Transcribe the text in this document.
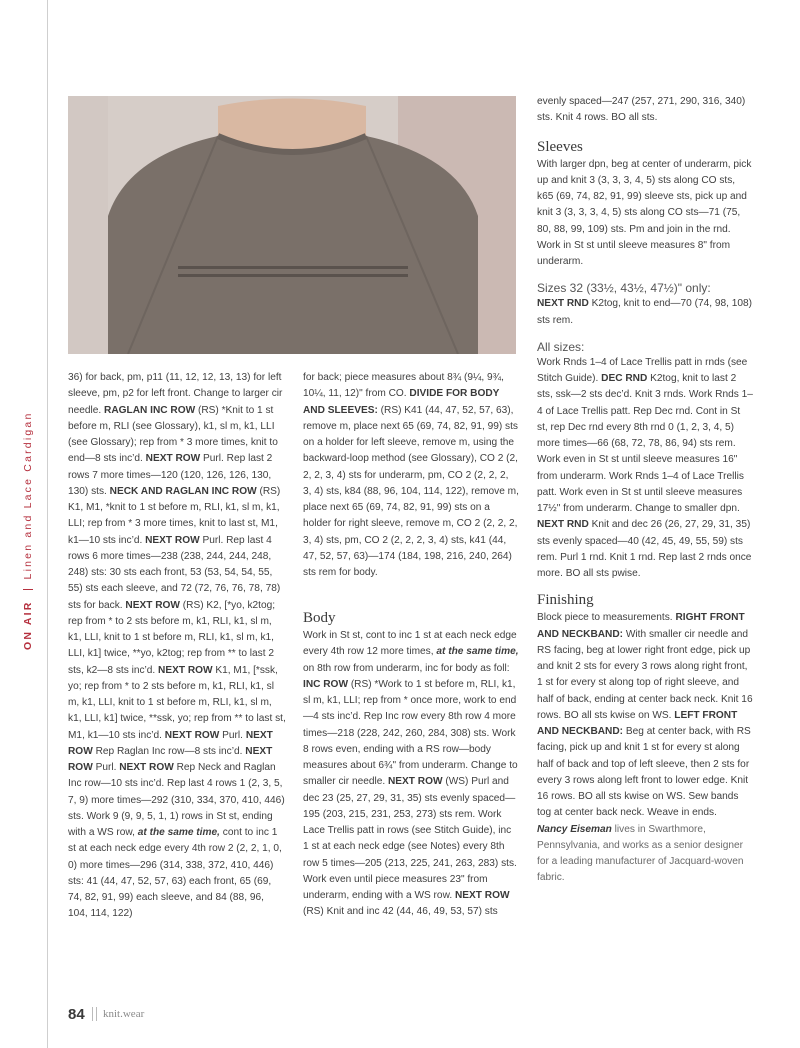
ON AIRLinen and Lace Cardigan

36) for back, pm, p11 (11, 12, 12, 13, 13) for left sleeve, pm, p2 for left front. Change to larger cir needle. RAGLAN INC ROW (RS) *Knit to 1 st before m, RLI (see Glossary), k1, sl m, k1, LLI (see Glossary); rep from * 3 more times, knit to end—8 sts inc’d. NEXT ROW Purl. Rep last 2 rows 7 more times—120 (120, 126, 126, 130, 130) sts. NECK AND RAGLAN INC ROW (RS) K1, M1, *knit to 1 st before m, RLI, k1, sl m, k1, LLI; rep from * 3 more times, knit to last st, M1, k1—10 sts inc’d. NEXT ROW Purl. Rep last 4 rows 6 more times—238 (238, 244, 244, 248, 248) sts: 30 sts each front, 53 (53, 54, 54, 55, 55) sts each sleeve, and 72 (72, 76, 76, 78, 78) sts for back. NEXT ROW (RS) K2, [*yo, k2tog; rep from * to 2 sts before m, k1, RLI, k1, sl m, k1, LLI, knit to 1 st before m, RLI, k1, sl m, k1, LLI, k1] twice, **yo, k2tog; rep from ** to last 2 sts, k2—8 sts inc’d. NEXT ROW K1, M1, [*ssk, yo; rep from * to 2 sts before m, k1, RLI, k1, sl m, k1, LLI, knit to 1 st before m, RLI, k1, sl m, k1, LLI, k1] twice, **ssk, yo; rep from ** to last st, M1, k1—10 sts inc’d. NEXT ROW Purl. NEXT ROW Rep Raglan Inc row—8 sts inc’d. NEXT ROW Purl. NEXT ROW Rep Neck and Raglan Inc row—10 sts inc’d. Rep last 4 rows 1 (2, 3, 5, 7, 9) more times—292 (310, 334, 370, 410, 446) sts. Work 9 (9, 9, 5, 1, 1) rows in St st, ending with a WS row, at the same time, cont to inc 1 st at each neck edge every 4th row 2 (2, 2, 1, 0, 0) more times—296 (314, 338, 372, 410, 446) sts: 41 (44, 47, 52, 57, 63) each front, 65 (69, 74, 82, 91, 99) each sleeve, and 84 (88, 96, 104, 114, 122)

for back; piece measures about 8¾ (9¼, 9¾, 10¼, 11, 12)" from CO. DIVIDE FOR BODY AND SLEEVES: (RS) K41 (44, 47, 52, 57, 63), remove m, place next 65 (69, 74, 82, 91, 99) sts on a holder for left sleeve, remove m, using the backward-loop method (see Glossary), CO 2 (2, 2, 2, 3, 4) sts for underarm, pm, CO 2 (2, 2, 2, 3, 4) sts, k84 (88, 96, 104, 114, 122), remove m, place next 65 (69, 74, 82, 91, 99) sts on a holder for right sleeve, remove m, CO 2 (2, 2, 2, 3, 4) sts, pm, CO 2 (2, 2, 2, 3, 4) sts, k41 (44, 47, 52, 57, 63)—174 (184, 198, 216, 240, 264) sts rem for body.

Body

Work in St st, cont to inc 1 st at each neck edge every 4th row 12 more times, at the same time, on 8th row from underarm, inc for body as foll: INC ROW (RS) *Work to 1 st before m, RLI, k1, sl m, k1, LLI; rep from * once more, work to end—4 sts inc’d. Rep Inc row every 8th row 4 more times—218 (228, 242, 260, 284, 308) sts. Work 8 rows even, ending with a RS row—body measures about 6¾" from underarm. Change to smaller cir needle. NEXT ROW (WS) Purl and dec 23 (25, 27, 29, 31, 35) sts evenly spaced—195 (203, 215, 231, 253, 273) sts rem. Work Lace Trellis patt in rows (see Stitch Guide), inc 1 st at each neck edge (see Notes) every 8th row 5 times—205 (213, 225, 241, 263, 283) sts. Work even until piece measures 23" from underarm, ending with a WS row. NEXT ROW (RS) Knit and inc 42 (44, 46, 49, 53, 57) sts

evenly spaced—247 (257, 271, 290, 316, 340) sts. Knit 4 rows. BO all sts.

Sleeves

With larger dpn, beg at center of underarm, pick up and knit 3 (3, 3, 3, 4, 5) sts along CO sts, k65 (69, 74, 82, 91, 99) sleeve sts, pick up and knit 3 (3, 3, 3, 4, 5) sts along CO sts—71 (75, 80, 88, 99, 109) sts. Pm and join in the rnd. Work in St st until sleeve measures 8" from underarm.

Sizes 32 (33½, 43½, 47½)" only:

NEXT RND K2tog, knit to end—70 (74, 98, 108) sts rem.

All sizes:

Work Rnds 1–4 of Lace Trellis patt in rnds (see Stitch Guide). DEC RND K2tog, knit to last 2 sts, ssk—2 sts dec’d. Knit 3 rnds. Work Rnds 1–4 of Lace Trellis patt. Rep Dec rnd. Cont in St st, rep Dec rnd every 8th rnd 0 (1, 2, 3, 4, 5) more times—66 (68, 72, 78, 86, 94) sts rem. Work even in St st until sleeve measures 16" from underarm. Work Rnds 1–4 of Lace Trellis patt. Work even in St st until sleeve measures 17½" from underarm. Change to smaller dpn. NEXT RND Knit and dec 26 (26, 27, 29, 31, 35) sts evenly spaced—40 (42, 45, 49, 55, 59) sts rem. Purl 1 rnd. Knit 1 rnd. Rep last 2 rnds once more. BO all sts pwise.

Finishing

Block piece to measurements. RIGHT FRONT AND NECKBAND: With smaller cir needle and RS facing, beg at lower right front edge, pick up and knit 2 sts for every 3 rows along right front, 1 st for every st along top of right sleeve, and half of back, ending at center back neck. Knit 16 rows. BO all sts kwise on WS. LEFT FRONT AND NECKBAND: Beg at center back, with RS facing, pick up and knit 1 st for every st along half of back and top of left sleeve, then 2 sts for every 3 rows along left front to lower edge. Knit 16 rows. BO all sts kwise on WS. Sew bands tog at center back neck. Weave in ends.

Nancy Eiseman lives in Swarthmore, Pennsylvania, and works as a senior designer for a leading manufacturer of Jacquard-woven fabric.

84 knit.wear
